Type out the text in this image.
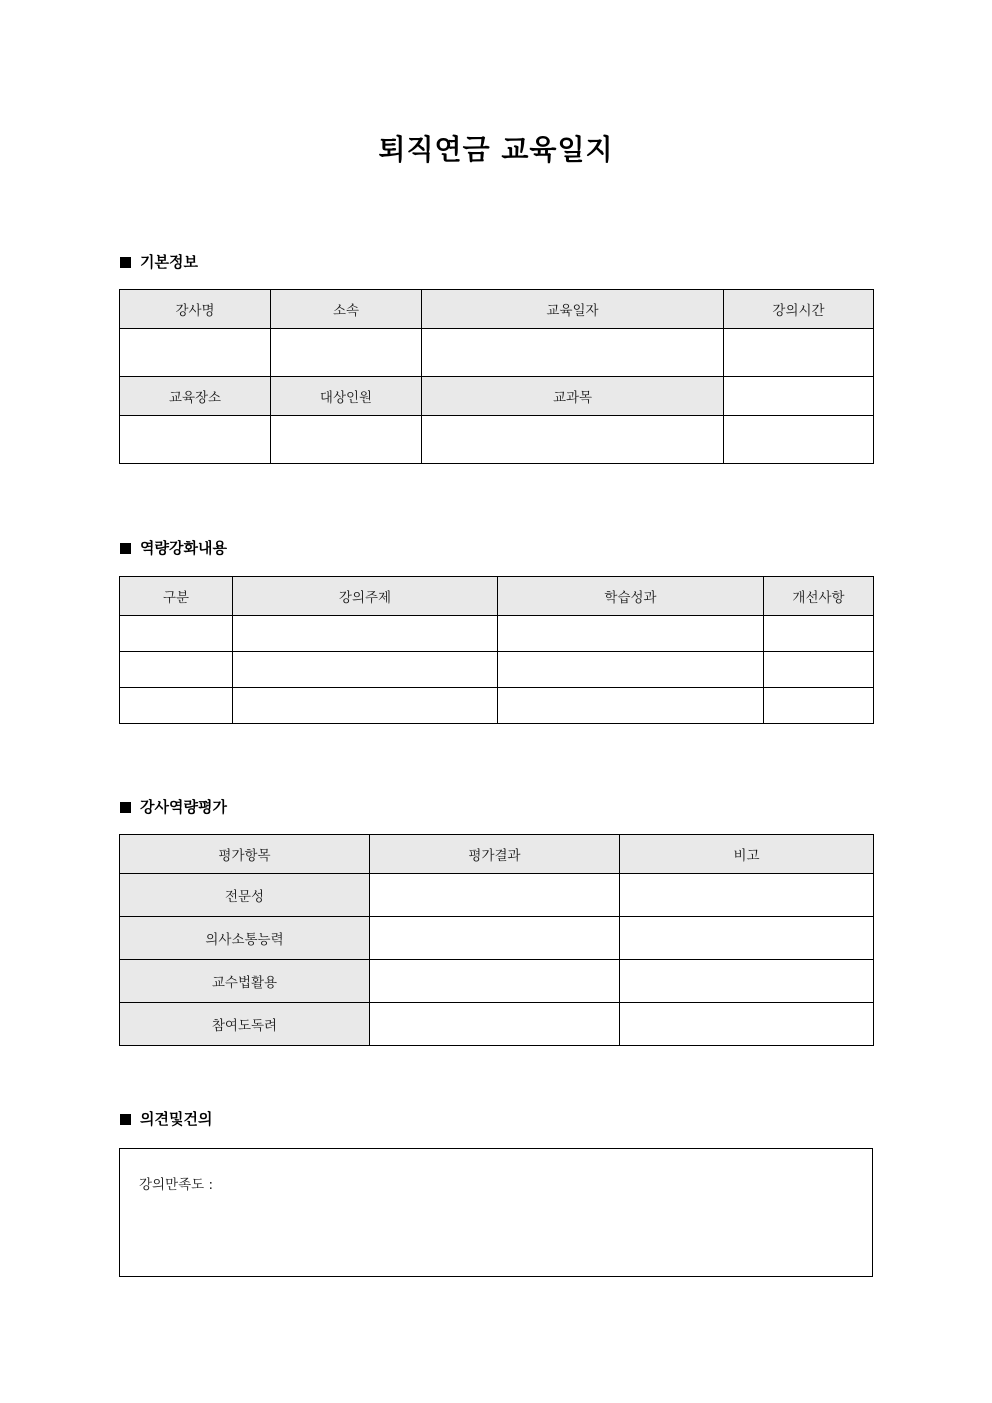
퇴직연금 교육일지
기본정보
강사명	소속	교육일자	강의시간

교육장소	대상인원	교과목	

역량강화내용
구분	강의주제	학습성과	개선사항

강사역량평가
평가항목	평가결과	비고
전문성		
의사소통능력		
교수법활용		
참여도독려		
의견및건의
강의만족도 :
